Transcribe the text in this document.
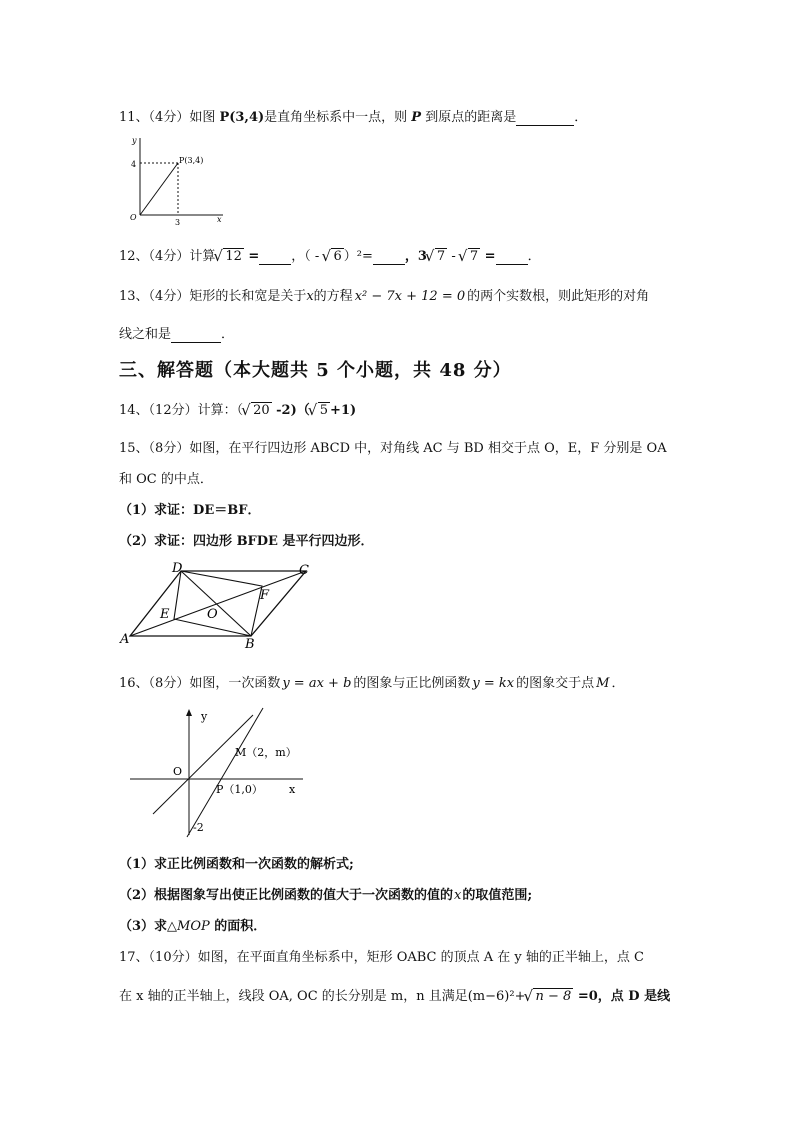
11、（4分）如图 P(3,4)是直角坐标系中一点，则 P 到原点的距离是	．
y
x
O
4
3
P(3,4)
12、（4分）计算 √ 12 = ，（ - √ 6 ）²= ，3 √ 7 - √ 7 = ．
13、（4分）矩形的长和宽是关于x的方程 x² − 7x + 12 = 0 的两个实数根，则此矩形的对角
线之和是	．
三、解答题（本大题共 5 个小题，共 48 分）
14、（12分）计算：（ √ 20 -2)（ √ 5 +1)
15、（8分）如图，在平行四边形 ABCD 中，对角线 AC 与 BD 相交于点 O，E，F 分别是 OA
和 OC 的中点．
（1）求证：DE＝BF．
（2）求证：四边形 BFDE 是平行四边形．
A	B
C
D
E
F
O
16、（8分）如图，一次函数 y = ax + b 的图象与正比例函数 y = kx 的图象交于点 M ．
y
x
O
M（2，m）
P（1,0）
-2
（1）求正比例函数和一次函数的解析式;
（2）根据图象写出使正比例函数的值大于一次函数的值的x的取值范围;
（3）求△MOP 的面积．
17、（10分）如图，在平面直角坐标系中，矩形 OABC 的顶点 A 在 y 轴的正半轴上，点 C
在 x 轴的正半轴上，线段 OA, OC 的长分别是 m，n 且满足(m−6)²+ √ n − 8 =0，点 D 是线
